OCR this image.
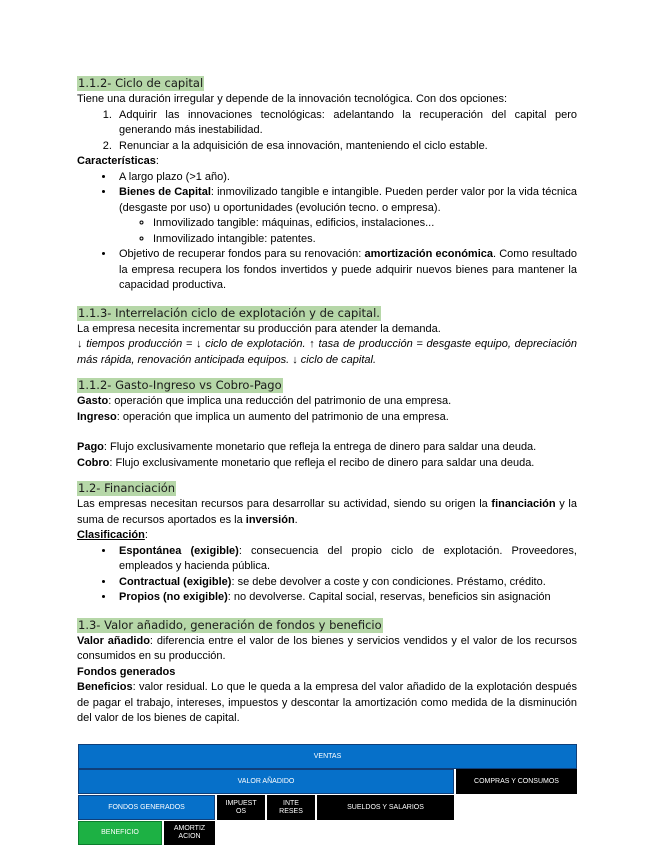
1.1.2- Ciclo de capital

Tiene una duración irregular y depende de la innovación tecnológica. Con dos opciones:

1. Adquirir las innovaciones tecnológicas: adelantando la recuperación del capital pero generando más inestabilidad.
2. Renunciar a la adquisición de esa innovación, manteniendo el ciclo estable.

Características:

• A largo plazo (>1 año).
• Bienes de Capital: inmovilizado tangible e intangible. Pueden perder valor por la vida técnica (desgaste por uso) u oportunidades (evolución tecno. o empresa).
◦ Inmovilizado tangible: máquinas, edificios, instalaciones...
◦ Inmovilizado intangible: patentes.
• Objetivo de recuperar fondos para su renovación: amortización económica. Como resultado la empresa recupera los fondos invertidos y puede adquirir nuevos bienes para mantener la capacidad productiva.
1.1.3- Interrelación ciclo de explotación y de capital.

La empresa necesita incrementar su producción para atender la demanda.

↓ tiempos producción = ↓ ciclo de explotación. ↑ tasa de producción = desgaste equipo, depreciación más rápida, renovación anticipada equipos. ↓ ciclo de capital.

1.1.2- Gasto-Ingreso vs Cobro-Pago

Gasto: operación que implica una reducción del patrimonio de una empresa.

Ingreso: operación que implica un aumento del patrimonio de una empresa.

Pago: Flujo exclusivamente monetario que refleja la entrega de dinero para saldar una deuda.

Cobro: Flujo exclusivamente monetario que refleja el recibo de dinero para saldar una deuda.

1.2- Financiación

Las empresas necesitan recursos para desarrollar su actividad, siendo su origen la financiación y la suma de recursos aportados es la inversión.

Clasificación:

• Espontánea (exigible): consecuencia del propio ciclo de explotación. Proveedores, empleados y hacienda pública.
• Contractual (exigible): se debe devolver a coste y con condiciones. Préstamo, crédito.
• Propios (no exigible): no devolverse. Capital social, reservas, beneficios sin asignación
1.3- Valor añadido, generación de fondos y beneficio

Valor añadido: diferencia entre el valor de los bienes y servicios vendidos y el valor de los recursos consumidos en su producción.

Fondos generados

Beneficios: valor residual. Lo que le queda a la empresa del valor añadido de la explotación después de pagar el trabajo, intereses, impuestos y descontar la amortización como medida de la disminución del valor de los bienes de capital.

VENTAS
VALOR AÑADIDO	COMPRAS Y CONSUMOS
FONDOS GENERADOS
IMPUEST OS
INTE RESES
SUELDOS Y SALARIOS
BENEFICIO
AMORTIZ ACION
